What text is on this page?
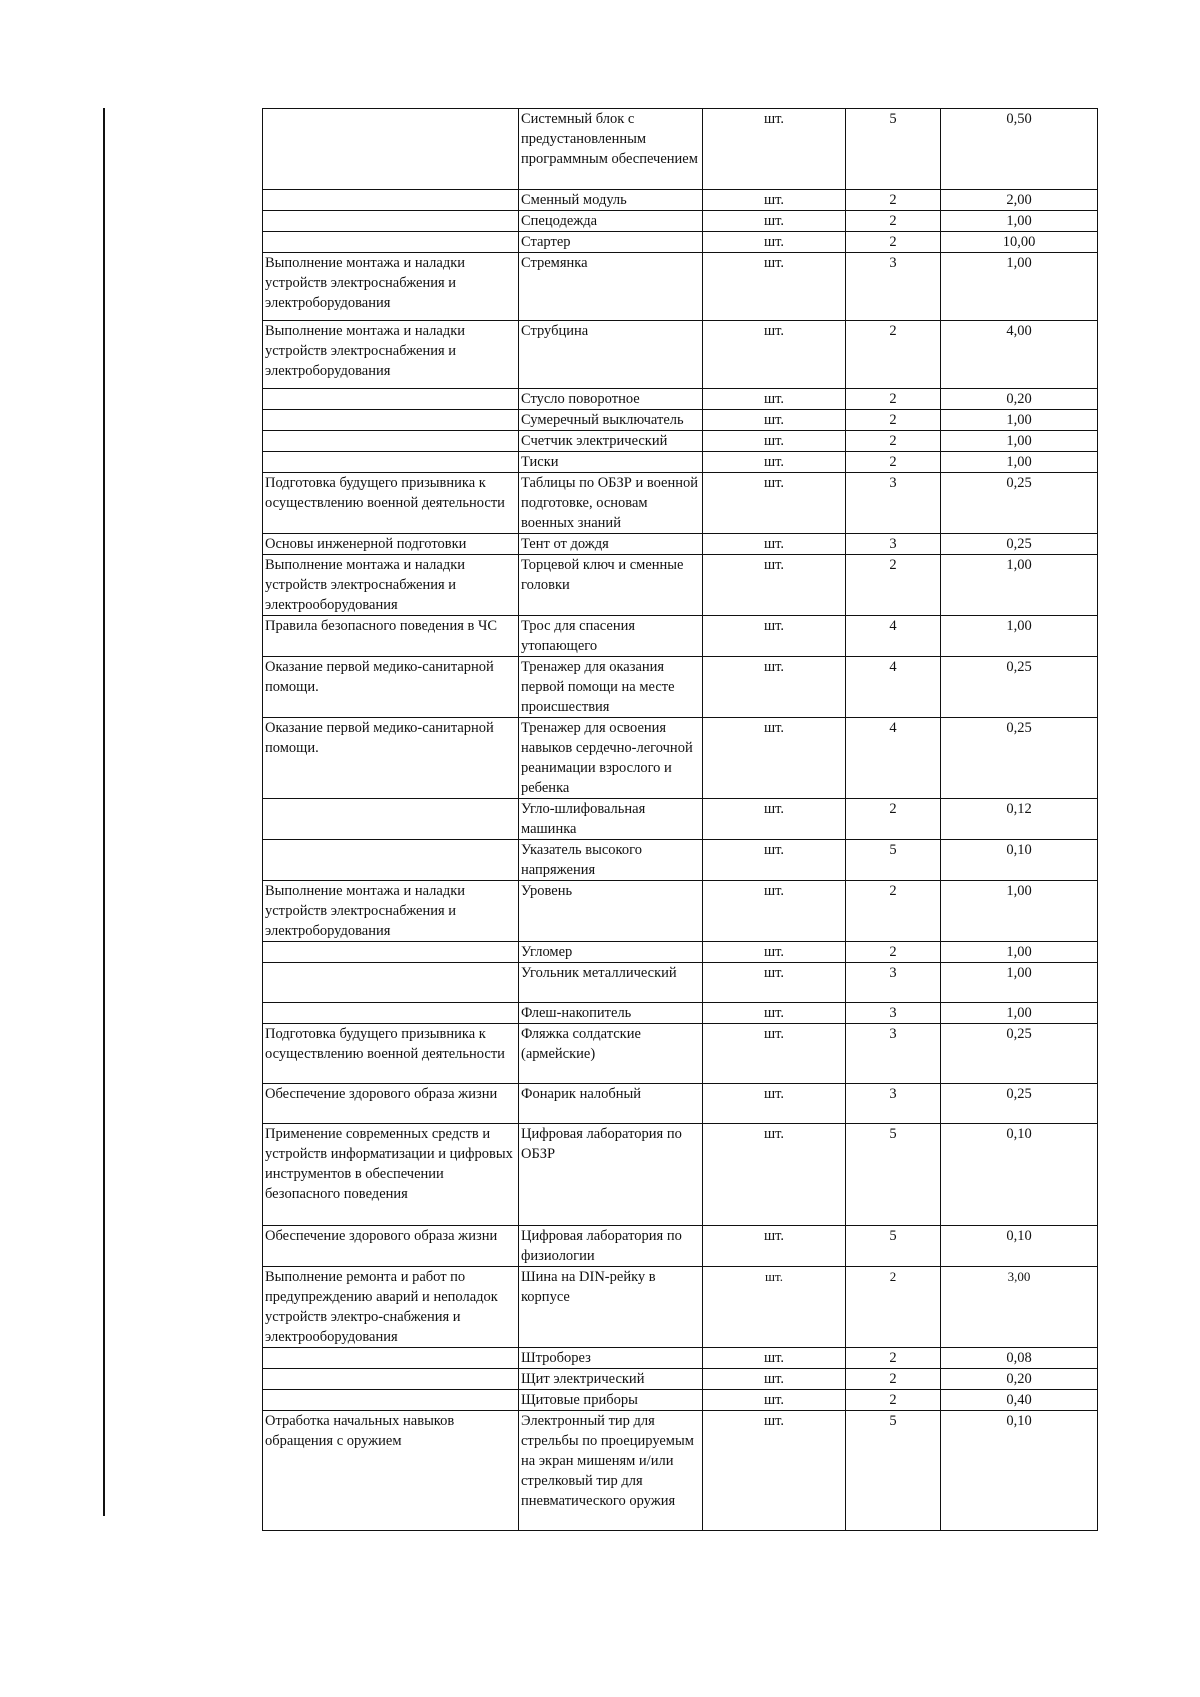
	Системный блок с предустановленным программным обеспечением	шт.	5	0,50
	Сменный модуль	шт.	2	2,00
	Спецодежда	шт.	2	1,00
	Стартер	шт.	2	10,00
Выполнение монтажа и наладки устройств электроснабжения и электроборудования	Стремянка	шт.	3	1,00
Выполнение монтажа и наладки устройств электроснабжения и электроборудования	Струбцина	шт.	2	4,00
	Стусло поворотное	шт.	2	0,20
	Сумеречный выключатель	шт.	2	1,00
	Счетчик электрический	шт.	2	1,00
	Тиски	шт.	2	1,00
Подготовка будущего призывника к осуществлению военной деятельности	Таблицы по ОБЗР и военной подготовке, основам военных знаний	шт.	3	0,25
Основы инженерной подготовки	Тент от дождя	шт.	3	0,25
Выполнение монтажа и наладки устройств электроснабжения и электрооборудования	Торцевой ключ и сменные головки	шт.	2	1,00
Правила безопасного поведения в ЧС	Трос для спасения утопающего	шт.	4	1,00
Оказание первой медико-санитарной помощи.	Тренажер для оказания первой помощи на месте происшествия	шт.	4	0,25
Оказание первой медико-санитарной помощи.	Тренажер для освоения навыков сердечно-легочной реанимации взрослого и ребенка	шт.	4	0,25
	Угло-шлифовальная машинка	шт.	2	0,12
	Указатель высокого напряжения	шт.	5	0,10
Выполнение монтажа и наладки устройств электроснабжения и электроборудования	Уровень	шт.	2	1,00
	Угломер	шт.	2	1,00
	Угольник металлический	шт.	3	1,00
	Флеш-накопитель	шт.	3	1,00
Подготовка будущего призывника к осуществлению военной деятельности	Фляжка солдатские (армейские)	шт.	3	0,25
Обеспечение здорового образа жизни	Фонарик налобный	шт.	3	0,25
Применение современных средств и устройств информатизации и цифровых инструментов в обеспечении безопасного поведения	Цифровая лаборатория по ОБЗР	шт.	5	0,10
Обеспечение здорового образа жизни	Цифровая лаборатория по физиологии	шт.	5	0,10
Выполнение ремонта и работ по предупреждению аварий и неполадок устройств электро-снабжения и электрооборудования	Шина на DIN-рейку в корпусе	шт.	2	3,00
	Штроборез	шт.	2	0,08
	Щит электрический	шт.	2	0,20
	Щитовые приборы	шт.	2	0,40
Отработка начальных навыков обращения с оружием	Электронный тир для стрельбы по проецируемым на экран мишеням и/или стрелковый тир для пневматического оружия	шт.	5	0,10
